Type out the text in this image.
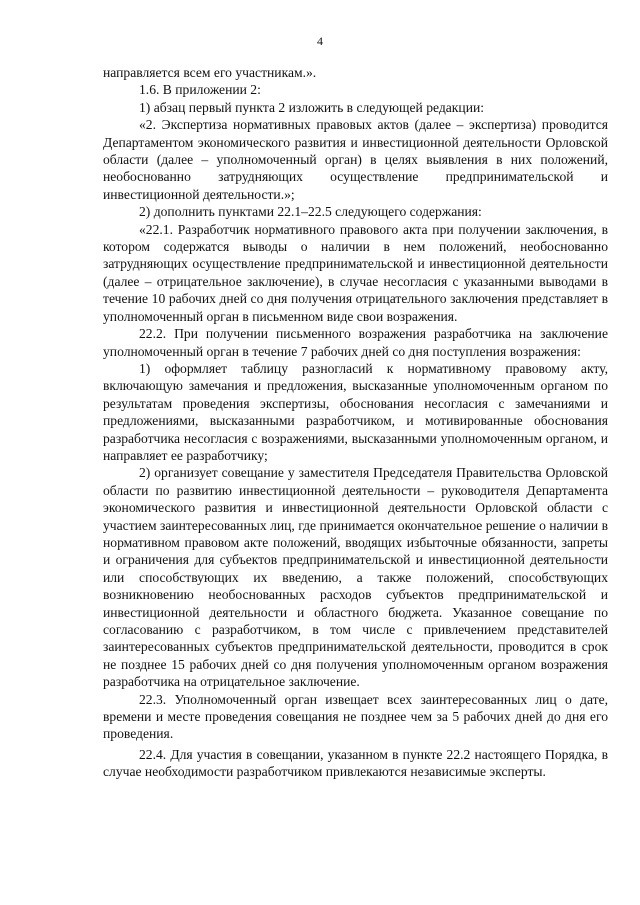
4

направляется всем его участникам.».

1.6. В приложении 2:

1) абзац первый пункта 2 изложить в следующей редакции:

«2. Экспертиза нормативных правовых актов (далее – экспертиза) проводится Департаментом экономического развития и инвестиционной деятельности Орловской области (далее – уполномоченный орган) в целях выявления в них положений, необоснованно затрудняющих осуществление предпринимательской и инвестиционной деятельности.»;

2) дополнить пунктами 22.1–22.5 следующего содержания:

«22.1. Разработчик нормативного правового акта при получении заключения, в котором содержатся выводы о наличии в нем положений, необоснованно затрудняющих осуществление предпринимательской и инвестиционной деятельности (далее – отрицательное заключение), в случае несогласия с указанными выводами в течение 10 рабочих дней со дня получения отрицательного заключения представляет в уполномоченный орган в письменном виде свои возражения.

22.2. При получении письменного возражения разработчика на заключение уполномоченный орган в течение 7 рабочих дней со дня поступления возражения:

1) оформляет таблицу разногласий к нормативному правовому акту, включающую замечания и предложения, высказанные уполномоченным органом по результатам проведения экспертизы, обоснования несогласия с замечаниями и предложениями, высказанными разработчиком, и мотивированные обоснования разработчика несогласия с возражениями, высказанными уполномоченным органом, и направляет ее разработчику;

2) организует совещание у заместителя Председателя Правительства Орловской области по развитию инвестиционной деятельности – руководителя Департамента экономического развития и инвестиционной деятельности Орловской области с участием заинтересованных лиц, где принимается окончательное решение о наличии в нормативном правовом акте положений, вводящих избыточные обязанности, запреты и ограничения для субъектов предпринимательской и инвестиционной деятельности или способствующих их введению, а также положений, способствующих возникновению необоснованных расходов субъектов предпринимательской и инвестиционной деятельности и областного бюджета. Указанное совещание по согласованию с разработчиком, в том числе с привлечением представителей заинтересованных субъектов предпринимательской деятельности, проводится в срок не позднее 15 рабочих дней со дня получения уполномоченным органом возражения разработчика на отрицательное заключение.

22.3. Уполномоченный орган извещает всех заинтересованных лиц о дате, времени и месте проведения совещания не позднее чем за 5 рабочих дней до дня его проведения.

22.4. Для участия в совещании, указанном в пункте 22.2 настоящего Порядка, в случае необходимости разработчиком привлекаются независимые эксперты.
